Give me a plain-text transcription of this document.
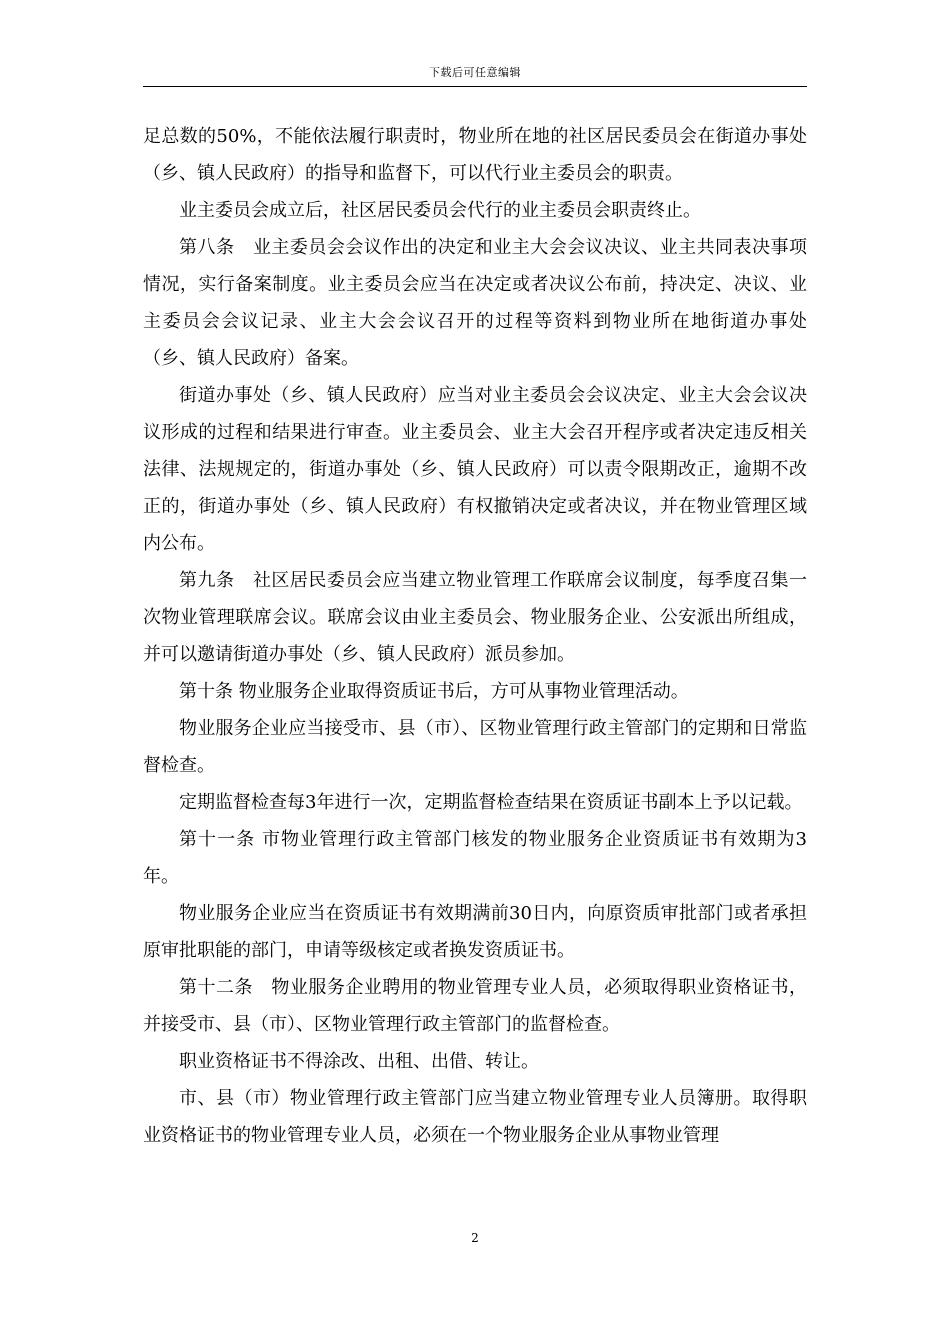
下载后可任意编辑

足总数的50%，不能依法履行职责时，物业所在地的社区居民委员会在街道办事处（乡、镇人民政府）的指导和监督下，可以代行业主委员会的职责。

业主委员会成立后，社区居民委员会代行的业主委员会职责终止。

第八条　业主委员会会议作出的决定和业主大会会议决议、业主共同表决事项情况，实行备案制度。业主委员会应当在决定或者决议公布前，持决定、决议、业主委员会会议记录、业主大会会议召开的过程等资料到物业所在地街道办事处（乡、镇人民政府）备案。

街道办事处（乡、镇人民政府）应当对业主委员会会议决定、业主大会会议决议形成的过程和结果进行审查。业主委员会、业主大会召开程序或者决定违反相关法律、法规规定的，街道办事处（乡、镇人民政府）可以责令限期改正，逾期不改正的，街道办事处（乡、镇人民政府）有权撤销决定或者决议，并在物业管理区域内公布。

第九条　社区居民委员会应当建立物业管理工作联席会议制度，每季度召集一次物业管理联席会议。联席会议由业主委员会、物业服务企业、公安派出所组成，并可以邀请街道办事处（乡、镇人民政府）派员参加。

第十条 物业服务企业取得资质证书后，方可从事物业管理活动。

物业服务企业应当接受市、县（市）、区物业管理行政主管部门的定期和日常监督检查。

定期监督检查每3年进行一次，定期监督检查结果在资质证书副本上予以记载。

第十一条 市物业管理行政主管部门核发的物业服务企业资质证书有效期为3年。

物业服务企业应当在资质证书有效期满前30日内，向原资质审批部门或者承担原审批职能的部门，申请等级核定或者换发资质证书。

第十二条　物业服务企业聘用的物业管理专业人员，必须取得职业资格证书，并接受市、县（市）、区物业管理行政主管部门的监督检查。

职业资格证书不得涂改、出租、出借、转让。

市、县（市）物业管理行政主管部门应当建立物业管理专业人员簿册。取得职业资格证书的物业管理专业人员，必须在一个物业服务企业从事物业管理

2
